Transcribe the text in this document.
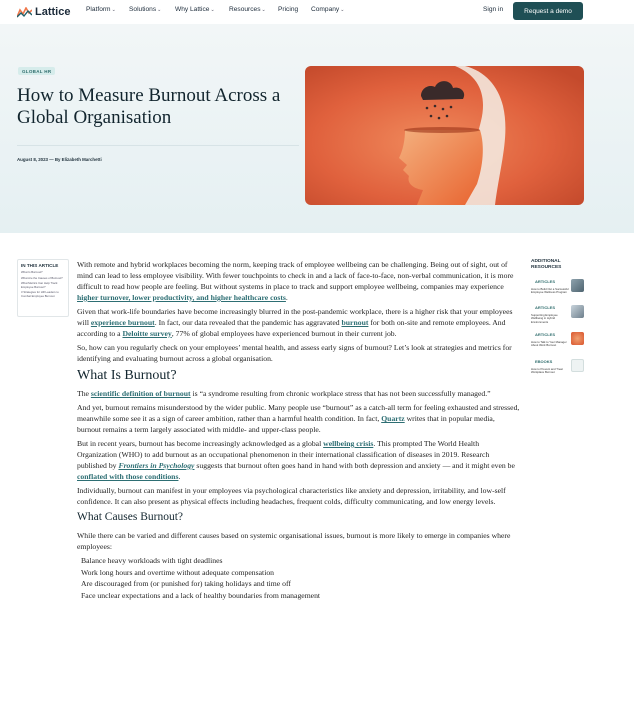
Lattice Platform⌄ Solutions⌄ Why Lattice⌄ Resources⌄ Pricing Company⌄	Sign in	Request a demo
GLOBAL HR
How to Measure Burnout Across a Global Organisation
August 8, 2023 — By Elizabeth Marchetti
IN THIS ARTICLE
What Is Burnout?
What Are the Causes of Burnout?
What Metrics Can Help Track Employee Burnout?
3 Strategies for HR Leaders to Combat Employee Burnout

With remote and hybrid workplaces becoming the norm, keeping track of employee wellbeing can be challenging. Being out of sight, out of mind can lead to less employee visibility. With fewer touchpoints to check in and a lack of face-to-face, non-verbal communication, it is more difficult to read how people are feeling. But without systems in place to track and support employee wellbeing, companies may experience higher turnover, lower productivity, and higher healthcare costs.

Given that work-life boundaries have become increasingly blurred in the post-pandemic workplace, there is a higher risk that your employees will experience burnout. In fact, our data revealed that the pandemic has aggravated burnout for both on-site and remote employees. And according to a Deloitte survey, 77% of global employees have experienced burnout in their current job.

So, how can you regularly check on your employees’ mental health, and assess early signs of burnout? Let’s look at strategies and metrics for identifying and evaluating burnout across a global organisation.

What Is Burnout?

The scientific definition of burnout is “a syndrome resulting from chronic workplace stress that has not been successfully managed.”

And yet, burnout remains misunderstood by the wider public. Many people use “burnout” as a catch-all term for feeling exhausted and stressed, meanwhile some see it as a sign of career ambition, rather than a harmful health condition. In fact, Quartz writes that in popular media, burnout remains a term largely associated with middle- and upper-class people.

But in recent years, burnout has become increasingly acknowledged as a global wellbeing crisis. This prompted The World Health Organization (WHO) to add burnout as an occupational phenomenon in their international classification of diseases in 2019. Research published by Frontiers in Psychology suggests that burnout often goes hand in hand with both depression and anxiety — and it might even be conflated with those conditions.

Individually, burnout can manifest in your employees via psychological characteristics like anxiety and depression, irritability, and low-self confidence. It can also present as physical effects including headaches, frequent colds, difficulty communicating, and low energy levels.

What Causes Burnout?

While there can be varied and different causes based on systemic organisational issues, burnout is more likely to emerge in companies where employees:

Balance heavy workloads with tight deadlines
Work long hours and overtime without adequate compensation
Are discouraged from (or punished for) taking holidays and time off
Face unclear expectations and a lack of healthy boundaries from management
ADDITIONAL RESOURCES
ARTICLES
How to Build Out a Successful Employee Wellness Program
ARTICLES
Supporting Employee Wellbeing in Hybrid Environments
ARTICLES
How to Talk to Your Manager About Work Burnout
EBOOKS
How to Prevent and Treat Workplace Burnout
